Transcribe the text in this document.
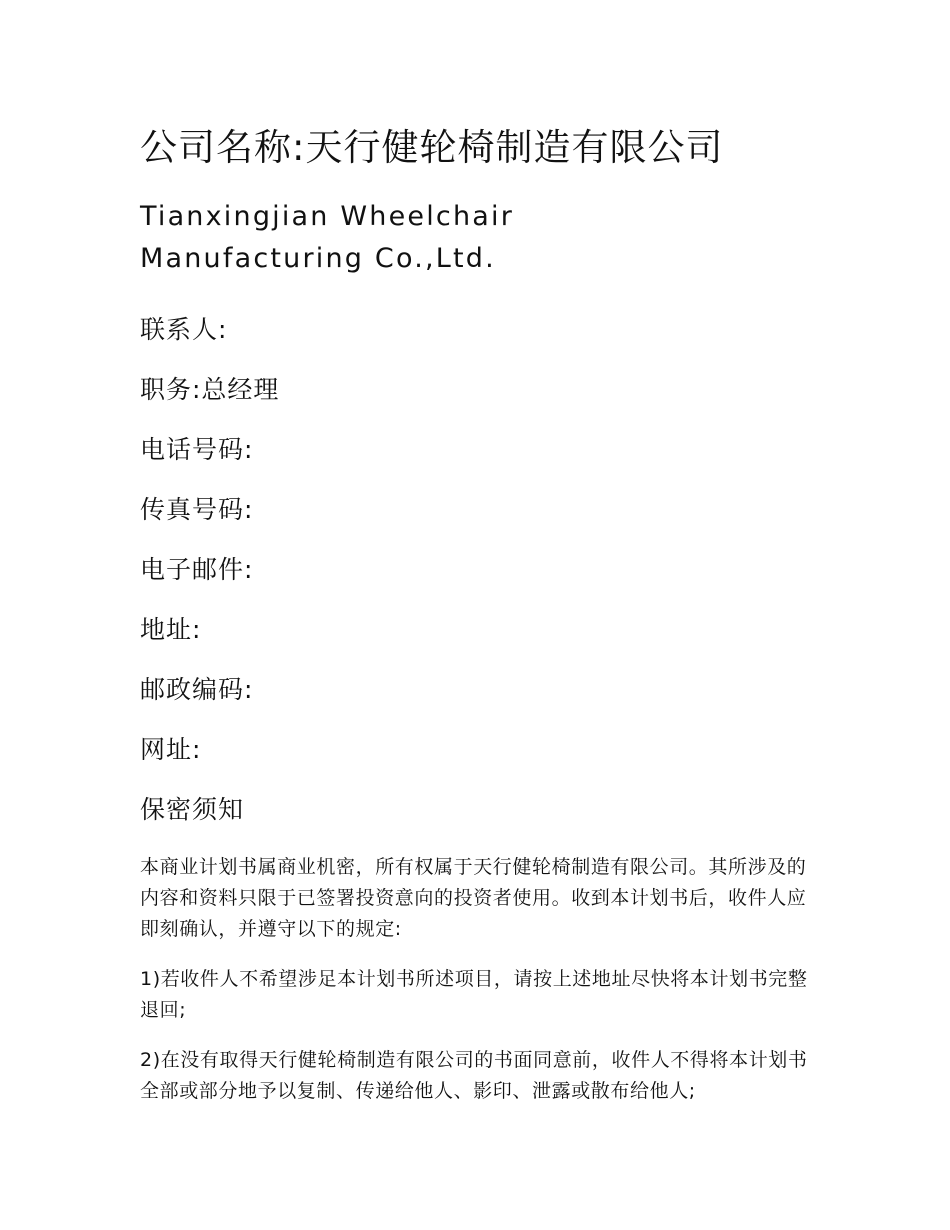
公司名称:天行健轮椅制造有限公司
Tianxingjian Wheelchair Manufacturing Co.,Ltd.
联系人:
职务:总经理
电话号码:
传真号码:
电子邮件:
地址:
邮政编码:
网址:
保密须知

本商业计划书属商业机密，所有权属于天行健轮椅制造有限公司。其所涉及的内容和资料只限于已签署投资意向的投资者使用。收到本计划书后，收件人应即刻确认，并遵守以下的规定:

1)若收件人不希望涉足本计划书所述项目，请按上述地址尽快将本计划书完整退回;

2)在没有取得天行健轮椅制造有限公司的书面同意前，收件人不得将本计划书全部或部分地予以复制、传递给他人、影印、泄露或散布给他人;
